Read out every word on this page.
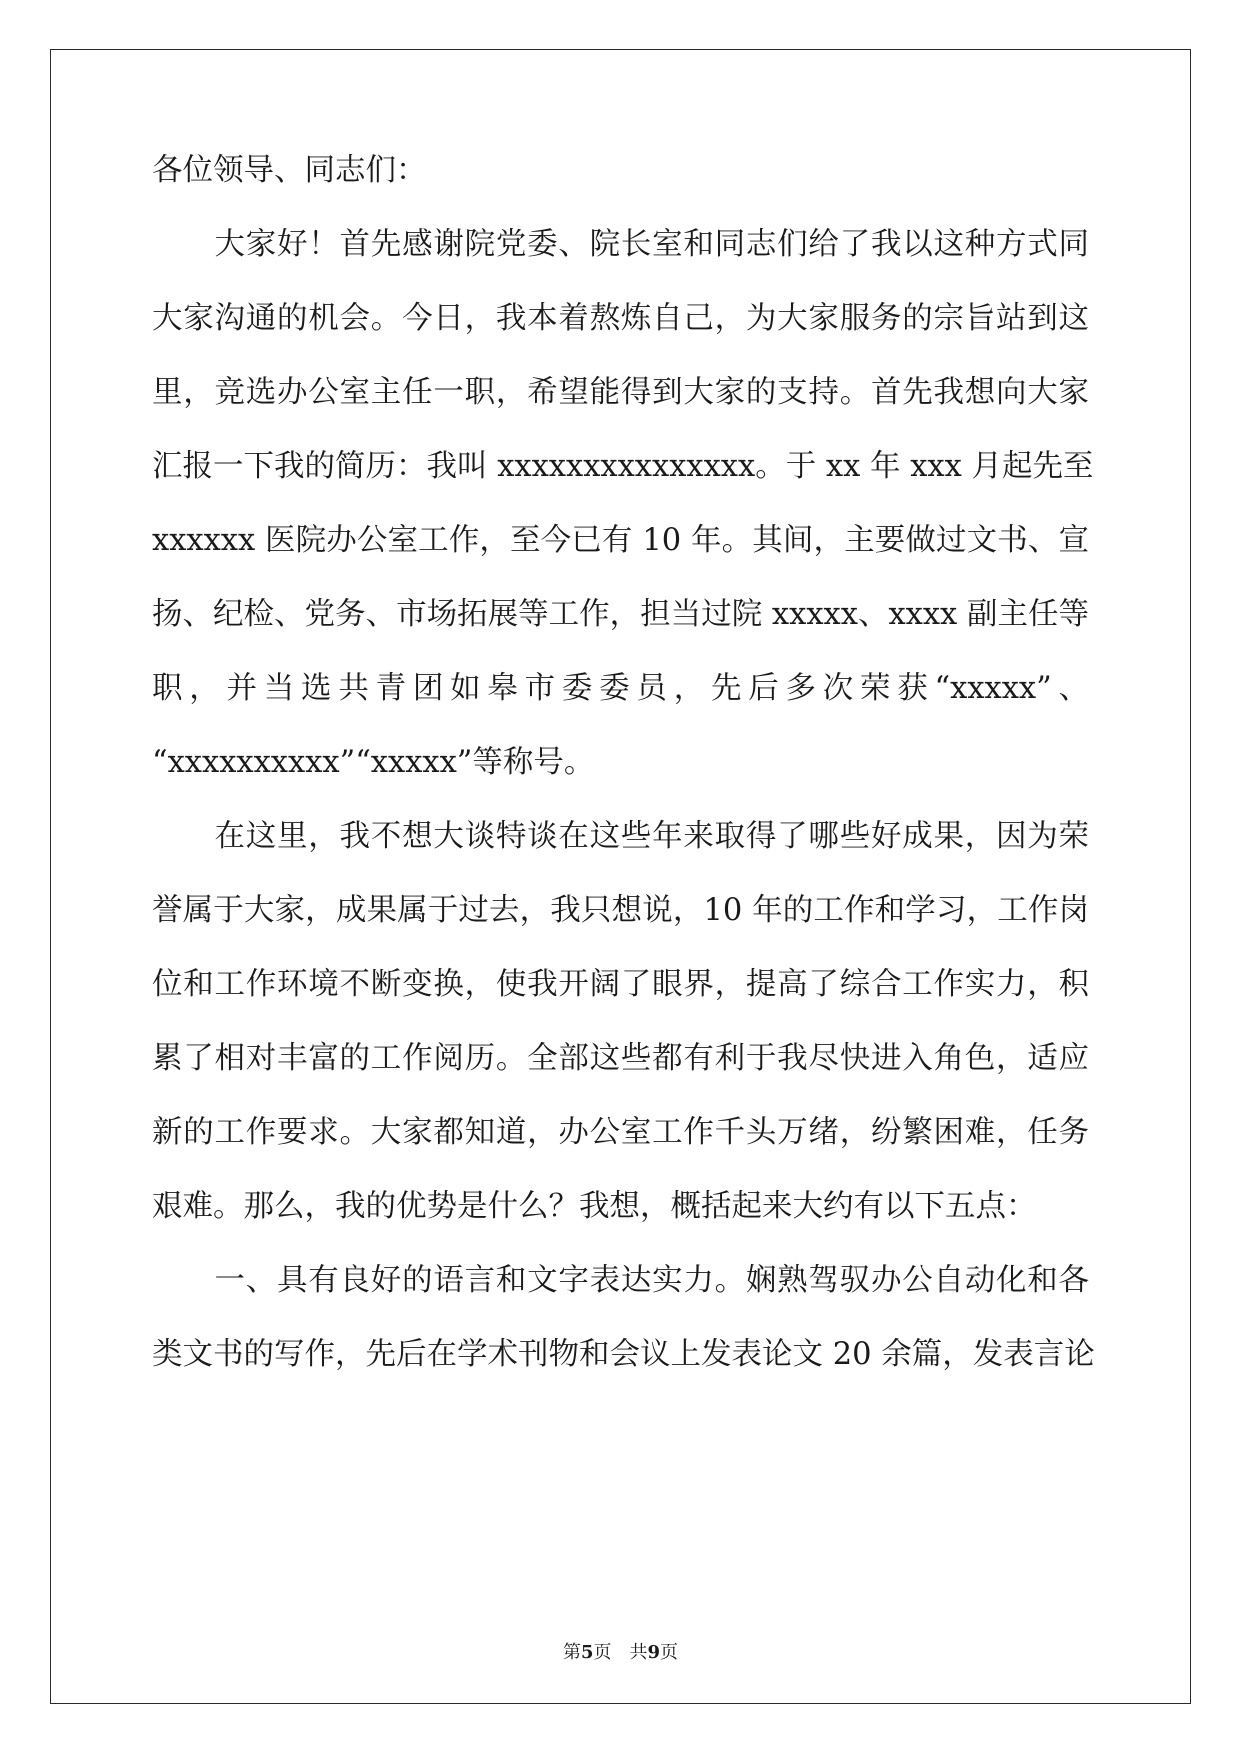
各位领导、同志们：

　　大家好！首先感谢院党委、院长室和同志们给了我以这种方式同

大家沟通的机会。今日，我本着熬炼自己，为大家服务的宗旨站到这

里，竞选办公室主任一职，希望能得到大家的支持。首先我想向大家

汇报一下我的简历：我叫 xxxxxxxxxxxxxxx。于 xx 年 xxx 月起先至

xxxxxx 医院办公室工作，至今已有 10 年。其间，主要做过文书、宣

扬、纪检、党务、市场拓展等工作，担当过院 xxxxx、xxxx 副主任等

职，并当选共青团如皋市委委员，先后多次荣获“xxxxx”、

“xxxxxxxxxx”“xxxxx”等称号。

　　在这里，我不想大谈特谈在这些年来取得了哪些好成果，因为荣

誉属于大家，成果属于过去，我只想说，10 年的工作和学习，工作岗

位和工作环境不断变换，使我开阔了眼界，提高了综合工作实力，积

累了相对丰富的工作阅历。全部这些都有利于我尽快进入角色，适应

新的工作要求。大家都知道，办公室工作千头万绪，纷繁困难，任务

艰难。那么，我的优势是什么？我想，概括起来大约有以下五点：

　　一、具有良好的语言和文字表达实力。娴熟驾驭办公自动化和各

类文书的写作，先后在学术刊物和会议上发表论文 20 余篇，发表言论

第5页　共9页
